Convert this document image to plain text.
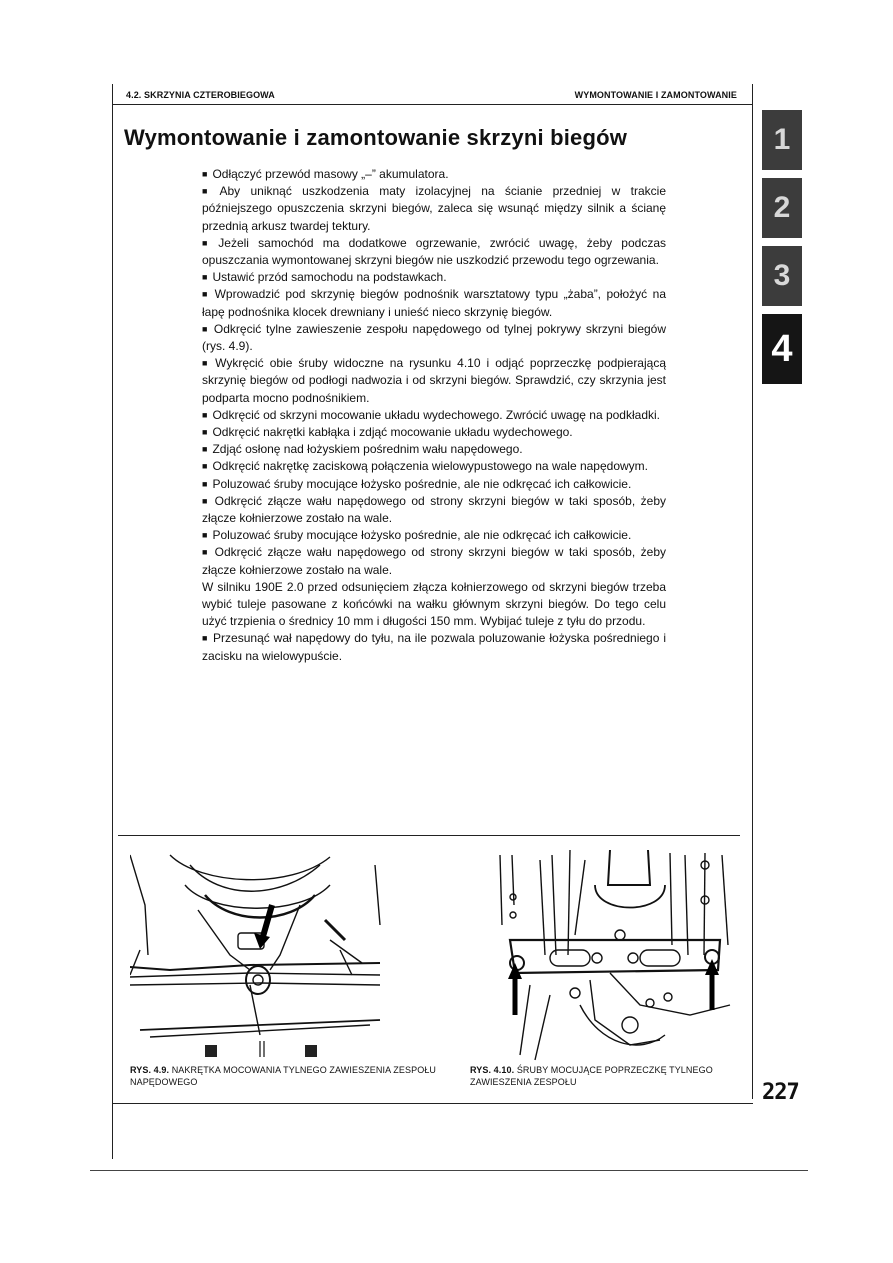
4.2. SKRZYNIA CZTEROBIEGOWA	WYMONTOWANIE I ZAMONTOWANIE
Wymontowanie i zamontowanie skrzyni biegów

■ Odłączyć przewód masowy „–” akumulatora.

■ Aby uniknąć uszkodzenia maty izolacyjnej na ścianie przedniej w trakcie późniejszego opuszczenia skrzyni biegów, zaleca się wsunąć między silnik a ścianę przednią arkusz twardej tektury.

■ Jeżeli samochód ma dodatkowe ogrzewanie, zwrócić uwagę, żeby podczas opuszczania wymontowanej skrzyni biegów nie uszkodzić przewodu tego ogrzewania.

■ Ustawić przód samochodu na podstawkach.

■ Wprowadzić pod skrzynię biegów podnośnik warsztatowy typu „żaba”, położyć na łapę podnośnika klocek drewniany i unieść nieco skrzynię biegów.

■ Odkręcić tylne zawieszenie zespołu napędowego od tylnej pokrywy skrzyni biegów (rys. 4.9).

■ Wykręcić obie śruby widoczne na rysunku 4.10 i odjąć poprzeczkę podpierającą skrzynię biegów od podłogi nadwozia i od skrzyni biegów. Sprawdzić, czy skrzynia jest podparta mocno podnośnikiem.

■ Odkręcić od skrzyni mocowanie układu wydechowego. Zwrócić uwagę na podkładki.

■ Odkręcić nakrętki kabłąka i zdjąć mocowanie układu wydechowego.

■ Zdjąć osłonę nad łożyskiem pośrednim wału napędowego.

■ Odkręcić nakrętkę zaciskową połączenia wielowypustowego na wale napędowym.

■ Poluzować śruby mocujące łożysko pośrednie, ale nie odkręcać ich całkowicie.

■ Odkręcić złącze wału napędowego od strony skrzyni biegów w taki sposób, żeby złącze kołnierzowe zostało na wale.

■ Poluzować śruby mocujące łożysko pośrednie, ale nie odkręcać ich całkowicie.

■ Odkręcić złącze wału napędowego od strony skrzyni biegów w taki sposób, żeby złącze kołnierzowe zostało na wale.

W silniku 190E 2.0 przed odsunięciem złącza kołnierzowego od skrzyni biegów trzeba wybić tuleje pasowane z końcówki na wałku głównym skrzyni biegów. Do tego celu użyć trzpienia o średnicy 10 mm i długości 150 mm. Wybijać tuleje z tyłu do przodu.

■ Przesunąć wał napędowy do tyłu, na ile pozwala poluzowanie łożyska pośredniego i zacisku na wielowypuście.

1
2
3
4
RYS. 4.9. NAKRĘTKA MOCOWANIA TYLNEGO ZAWIESZENIA ZESPOŁU NAPĘDOWEGO
RYS. 4.10. ŚRUBY MOCUJĄCE POPRZECZKĘ TYLNEGO ZAWIESZENIA ZESPOŁU	227
